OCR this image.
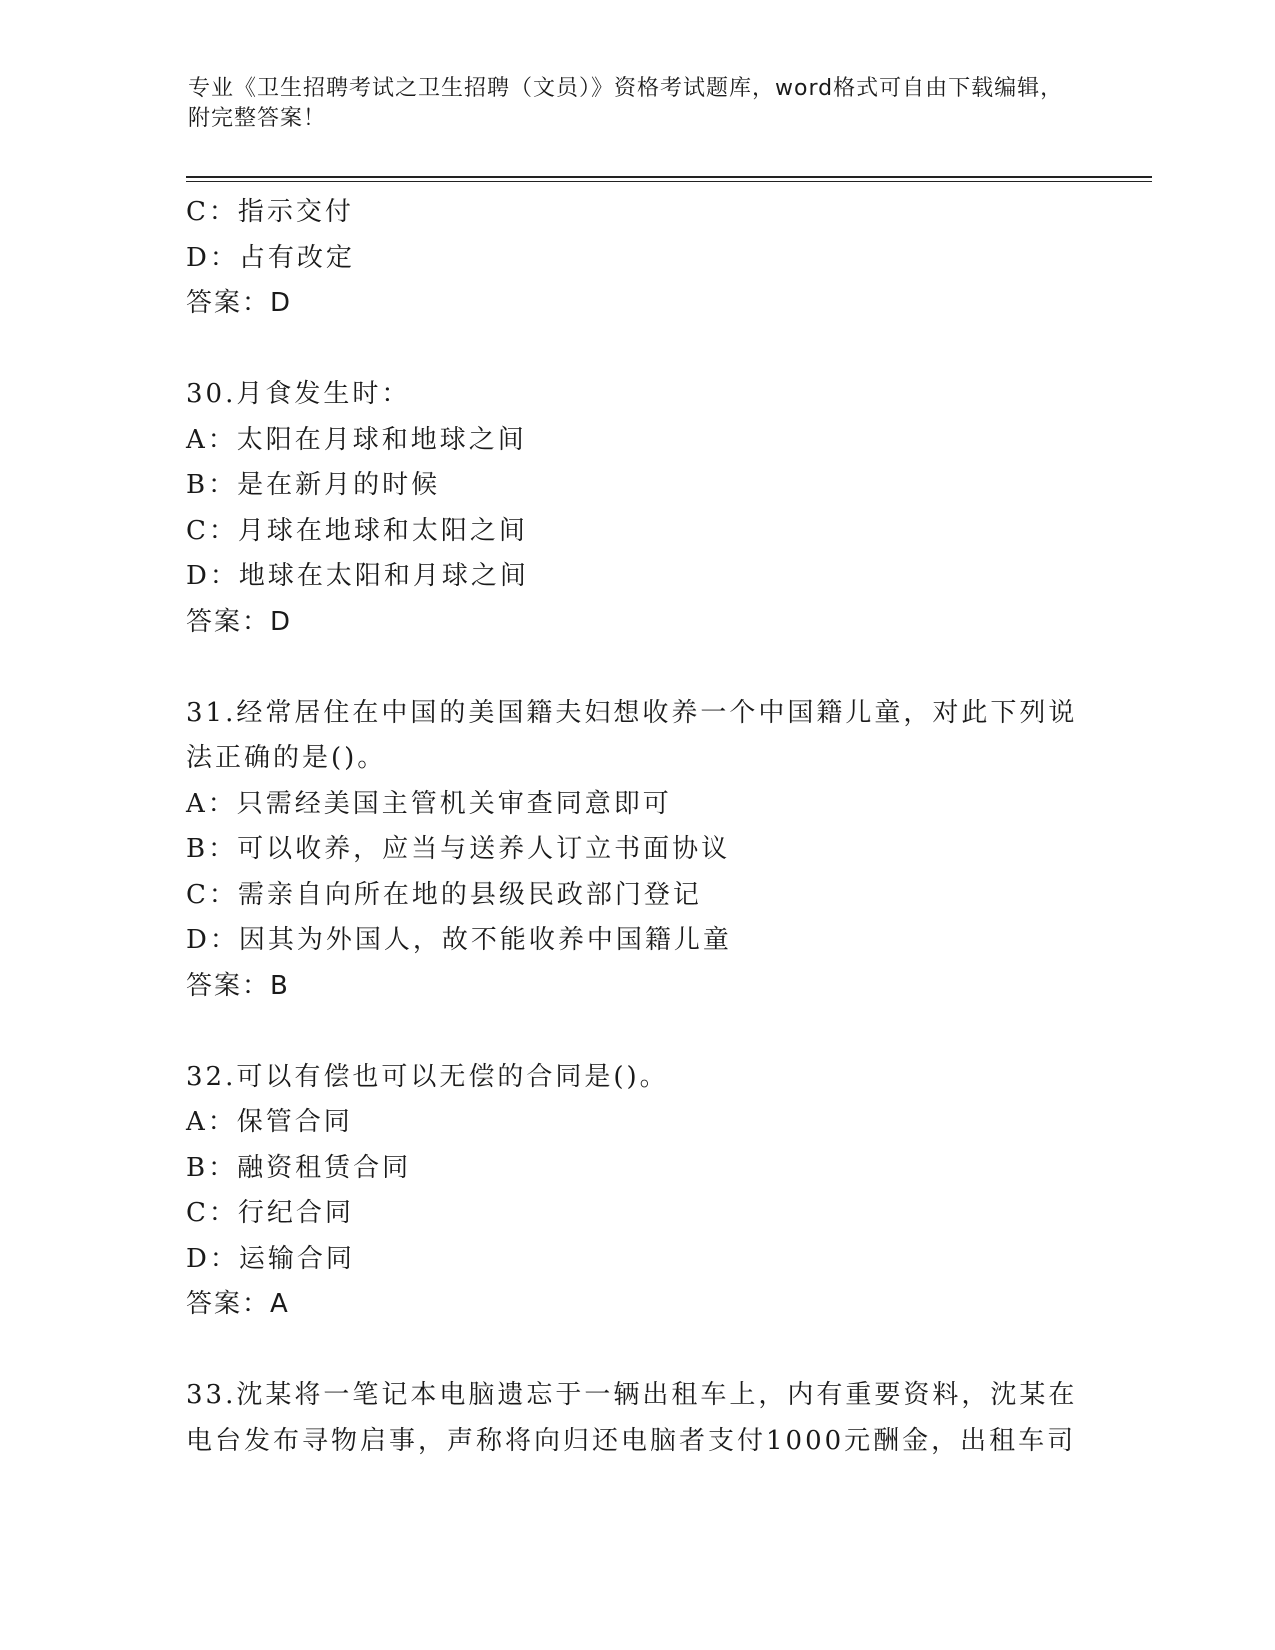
专业《卫生招聘考试之卫生招聘（文员）》资格考试题库，word格式可自由下载编辑，附完整答案！
C：指示交付
D：占有改定
答案：D
30.月食发生时：
A：太阳在月球和地球之间
B：是在新月的时候
C：月球在地球和太阳之间
D：地球在太阳和月球之间
答案：D
31.经常居住在中国的美国籍夫妇想收养一个中国籍儿童，对此下列说法正确的是()。
A：只需经美国主管机关审查同意即可
B：可以收养，应当与送养人订立书面协议
C：需亲自向所在地的县级民政部门登记
D：因其为外国人，故不能收养中国籍儿童
答案：B
32.可以有偿也可以无偿的合同是()。
A：保管合同
B：融资租赁合同
C：行纪合同
D：运输合同
答案：A
33.沈某将一笔记本电脑遗忘于一辆出租车上，内有重要资料，沈某在电台发布寻物启事，声称将向归还电脑者支付1000元酬金，出租车司
